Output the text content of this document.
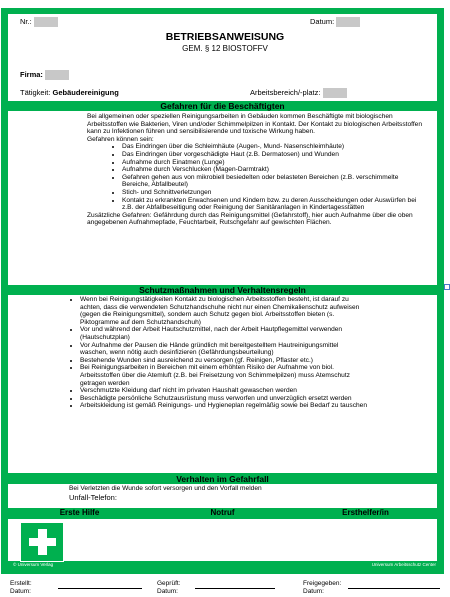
Nr.:	Datum:
BETRIEBSANWEISUNG
GEM. § 12 BIOSTOFFV
Firma:
Tätigkeit: Gebäudereinigung	Arbeitsbereich/-platz:
Gefahren für die Beschäftigten

Bei allgemeinen oder speziellen Reinigungsarbeiten in Gebäuden kommen Beschäftigte mit biologischen Arbeitsstoffen wie Bakterien, Viren und/oder Schimmelpilzen in Kontakt. Der Kontakt zu biologischen Arbeitsstoffen kann zu Infektionen führen und sensibilisierende und toxische Wirkung haben.

Gefahren können sein:

• Das Eindringen über die Schleimhäute (Augen-, Mund- Nasenschleimhäute)
• Das Eindringen über vorgeschädigte Haut (z.B. Dermatosen) und Wunden
• Aufnahme durch Einatmen (Lunge)
• Aufnahme durch Verschlucken (Magen-Darmtrakt)
• Gefahren gehen aus von mikrobiell besiedelten oder belasteten Bereichen (z.B. verschimmelte Bereiche, Abfallbeutel)
• Stich- und Schnittverletzungen
• Kontakt zu erkrankten Erwachsenen und Kindern bzw. zu deren Ausscheidungen oder Auswürfen bei z.B. der Abfallbeseitigung oder Reinigung der Sanitäranlagen in Kindertagesstätten

Zusätzliche Gefahren: Gefährdung durch das Reinigungsmittel (Gefahrstoff), hier auch Aufnahme über die oben angegebenen Aufnahmepfade, Feuchtarbeit, Rutschgefahr auf gewischten Flächen.

Schutzmaßnahmen und Verhaltensregeln
• Wenn bei Reinigungstätigkeiten Kontakt zu biologischen Arbeitsstoffen besteht, ist darauf zu achten, dass die verwendeten Schutzhandschuhe nicht nur einen Chemikalienschutz aufweisen (gegen die Reinigungsmittel), sondern auch Schutz gegen biol. Arbeitsstoffen bieten (s. Piktogramme auf dem Schutzhandschuh)
• Vor und während der Arbeit Hautschutzmittel, nach der Arbeit Hautpflegemittel verwenden (Hautschutzplan)
• Vor Aufnahme der Pausen die Hände gründlich mit bereitgestelltem Hautreinigungsmittel waschen, wenn nötig auch desinfizieren (Gefährdungsbeurteilung)
• Bestehende Wunden sind ausreichend zu versorgen (gf. Reinigen, Pflaster etc.)
• Bei Reinigungsarbeiten in Bereichen mit einem erhöhten Risiko der Aufnahme von biol. Arbeitsstoffen über die Atemluft (z.B. bei Freisetzung von Schimmelpilzen) muss Atemschutz getragen werden
• Verschmutzte Kleidung darf nicht im privaten Haushalt gewaschen werden
• Beschädigte persönliche Schutzausrüstung muss verworfen und unverzüglich ersetzt werden
• Arbeitskleidung ist gemäß Reinigungs- und Hygieneplan regelmäßig sowie bei Bedarf zu tauschen
Verhalten im Gefahrfall

Bei Verletzten die Wunde sofort versorgen und den Vorfall melden

Unfall-Telefon:

Erste Hilfe	Notruf	Ersthelfer/in
© Universum Verlag	Universum Arbeitsschutz Center
Erstellt:
Datum:
Geprüft:
Datum:
Freigegeben:
Datum:
